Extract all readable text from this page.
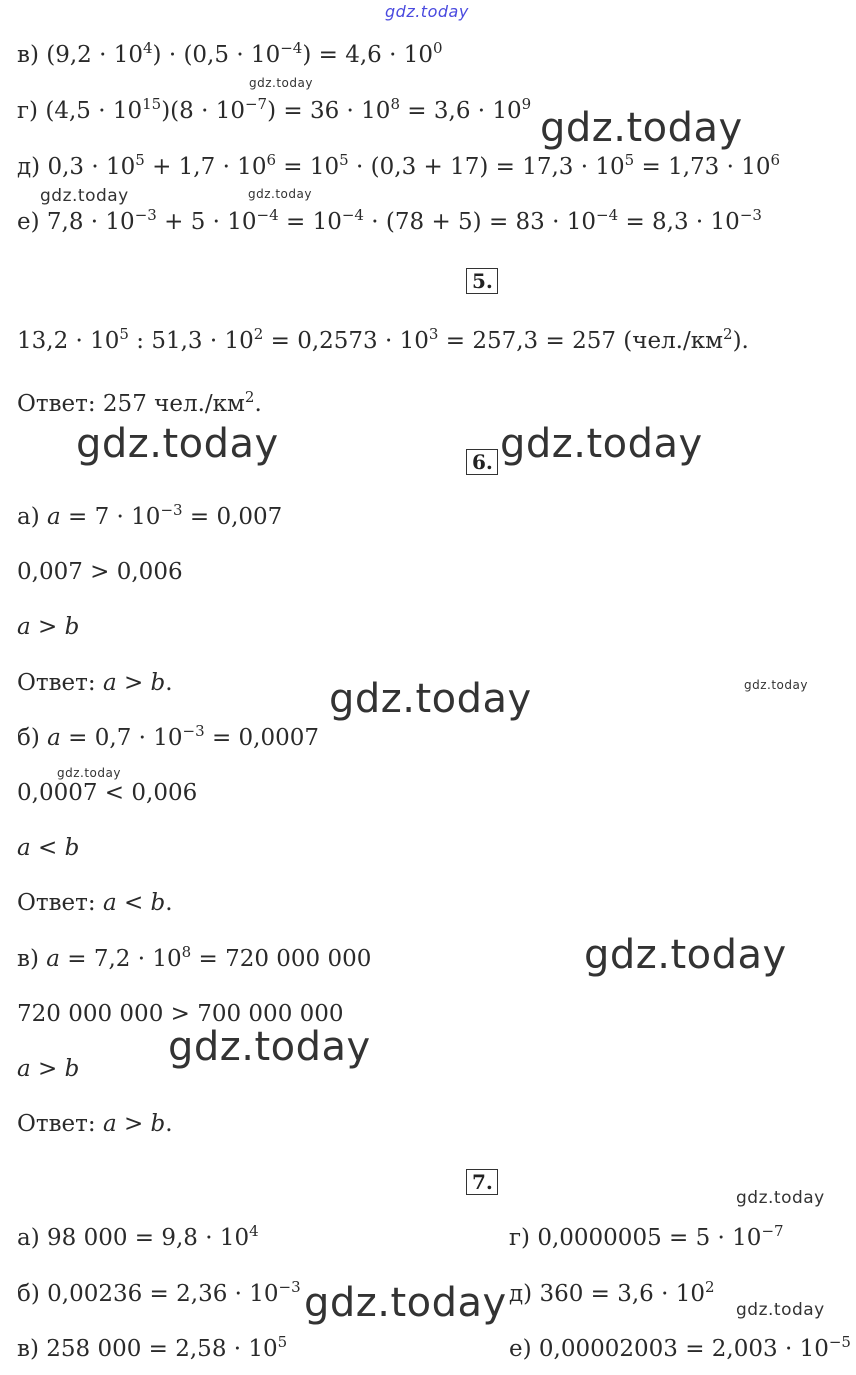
gdz.today
gdz.today
gdz.today
gdz.today	gdz.today
gdz.today	gdz.today
gdz.today
gdz.today
gdz.today
gdz.today
gdz.today
gdz.today
gdz.today	gdz.today
в) $(9,2 \cdot 10^4) \cdot (0,5 \cdot 10^{-4}) = 4,6 \cdot 10^0$
г) $(4,5 \cdot 10^{15})(8 \cdot 10^{-7}) = 36 \cdot 10^8 = 3,6 \cdot 10^9$
д) $0,3 \cdot 10^5 + 1,7 \cdot 10^6 = 10^5 \cdot (0,3 + 17) = 17,3 \cdot 10^5 = 1,73 \cdot 10^6$
е) $7,8 \cdot 10^{-3} + 5 \cdot 10^{-4} = 10^{-4} \cdot (78 + 5) = 83 \cdot 10^{-4} = 8,3 \cdot 10^{-3}$
5.
$13,2 \cdot 10^5$ : $51,3 \cdot 10^2 = 0,2573 \cdot 10^3 = 257,3 = 257$ $(чел./км^2)$.
Ответ: 257 $чел./км^2$.
6.
а) $a = 7 \cdot 10^{-3} = 0,007$
0,007 > 0,006
a > b
Ответ: a > b.
б) $a = 0,7 \cdot 10^{-3} = 0,0007$
0,0007 < 0,006
a < b
Ответ: a < b.
в) $a = 7,2 \cdot 10^8 = 720$ 000 000
720 000 000 > 700 000 000
a > b
Ответ: a > b.
7.
а) 98 $000 = 9,8 \cdot 10^4$
б) $0,00236 = 2,36 \cdot 10^{-3}$
в) 258 $000 = 2,58 \cdot 10^5$
г) $0,0000005 = 5 \cdot 10^{-7}$
д) $360 = 3,6 \cdot 10^2$
е) $0,00002003 = 2,003 \cdot 10^{-5}$
